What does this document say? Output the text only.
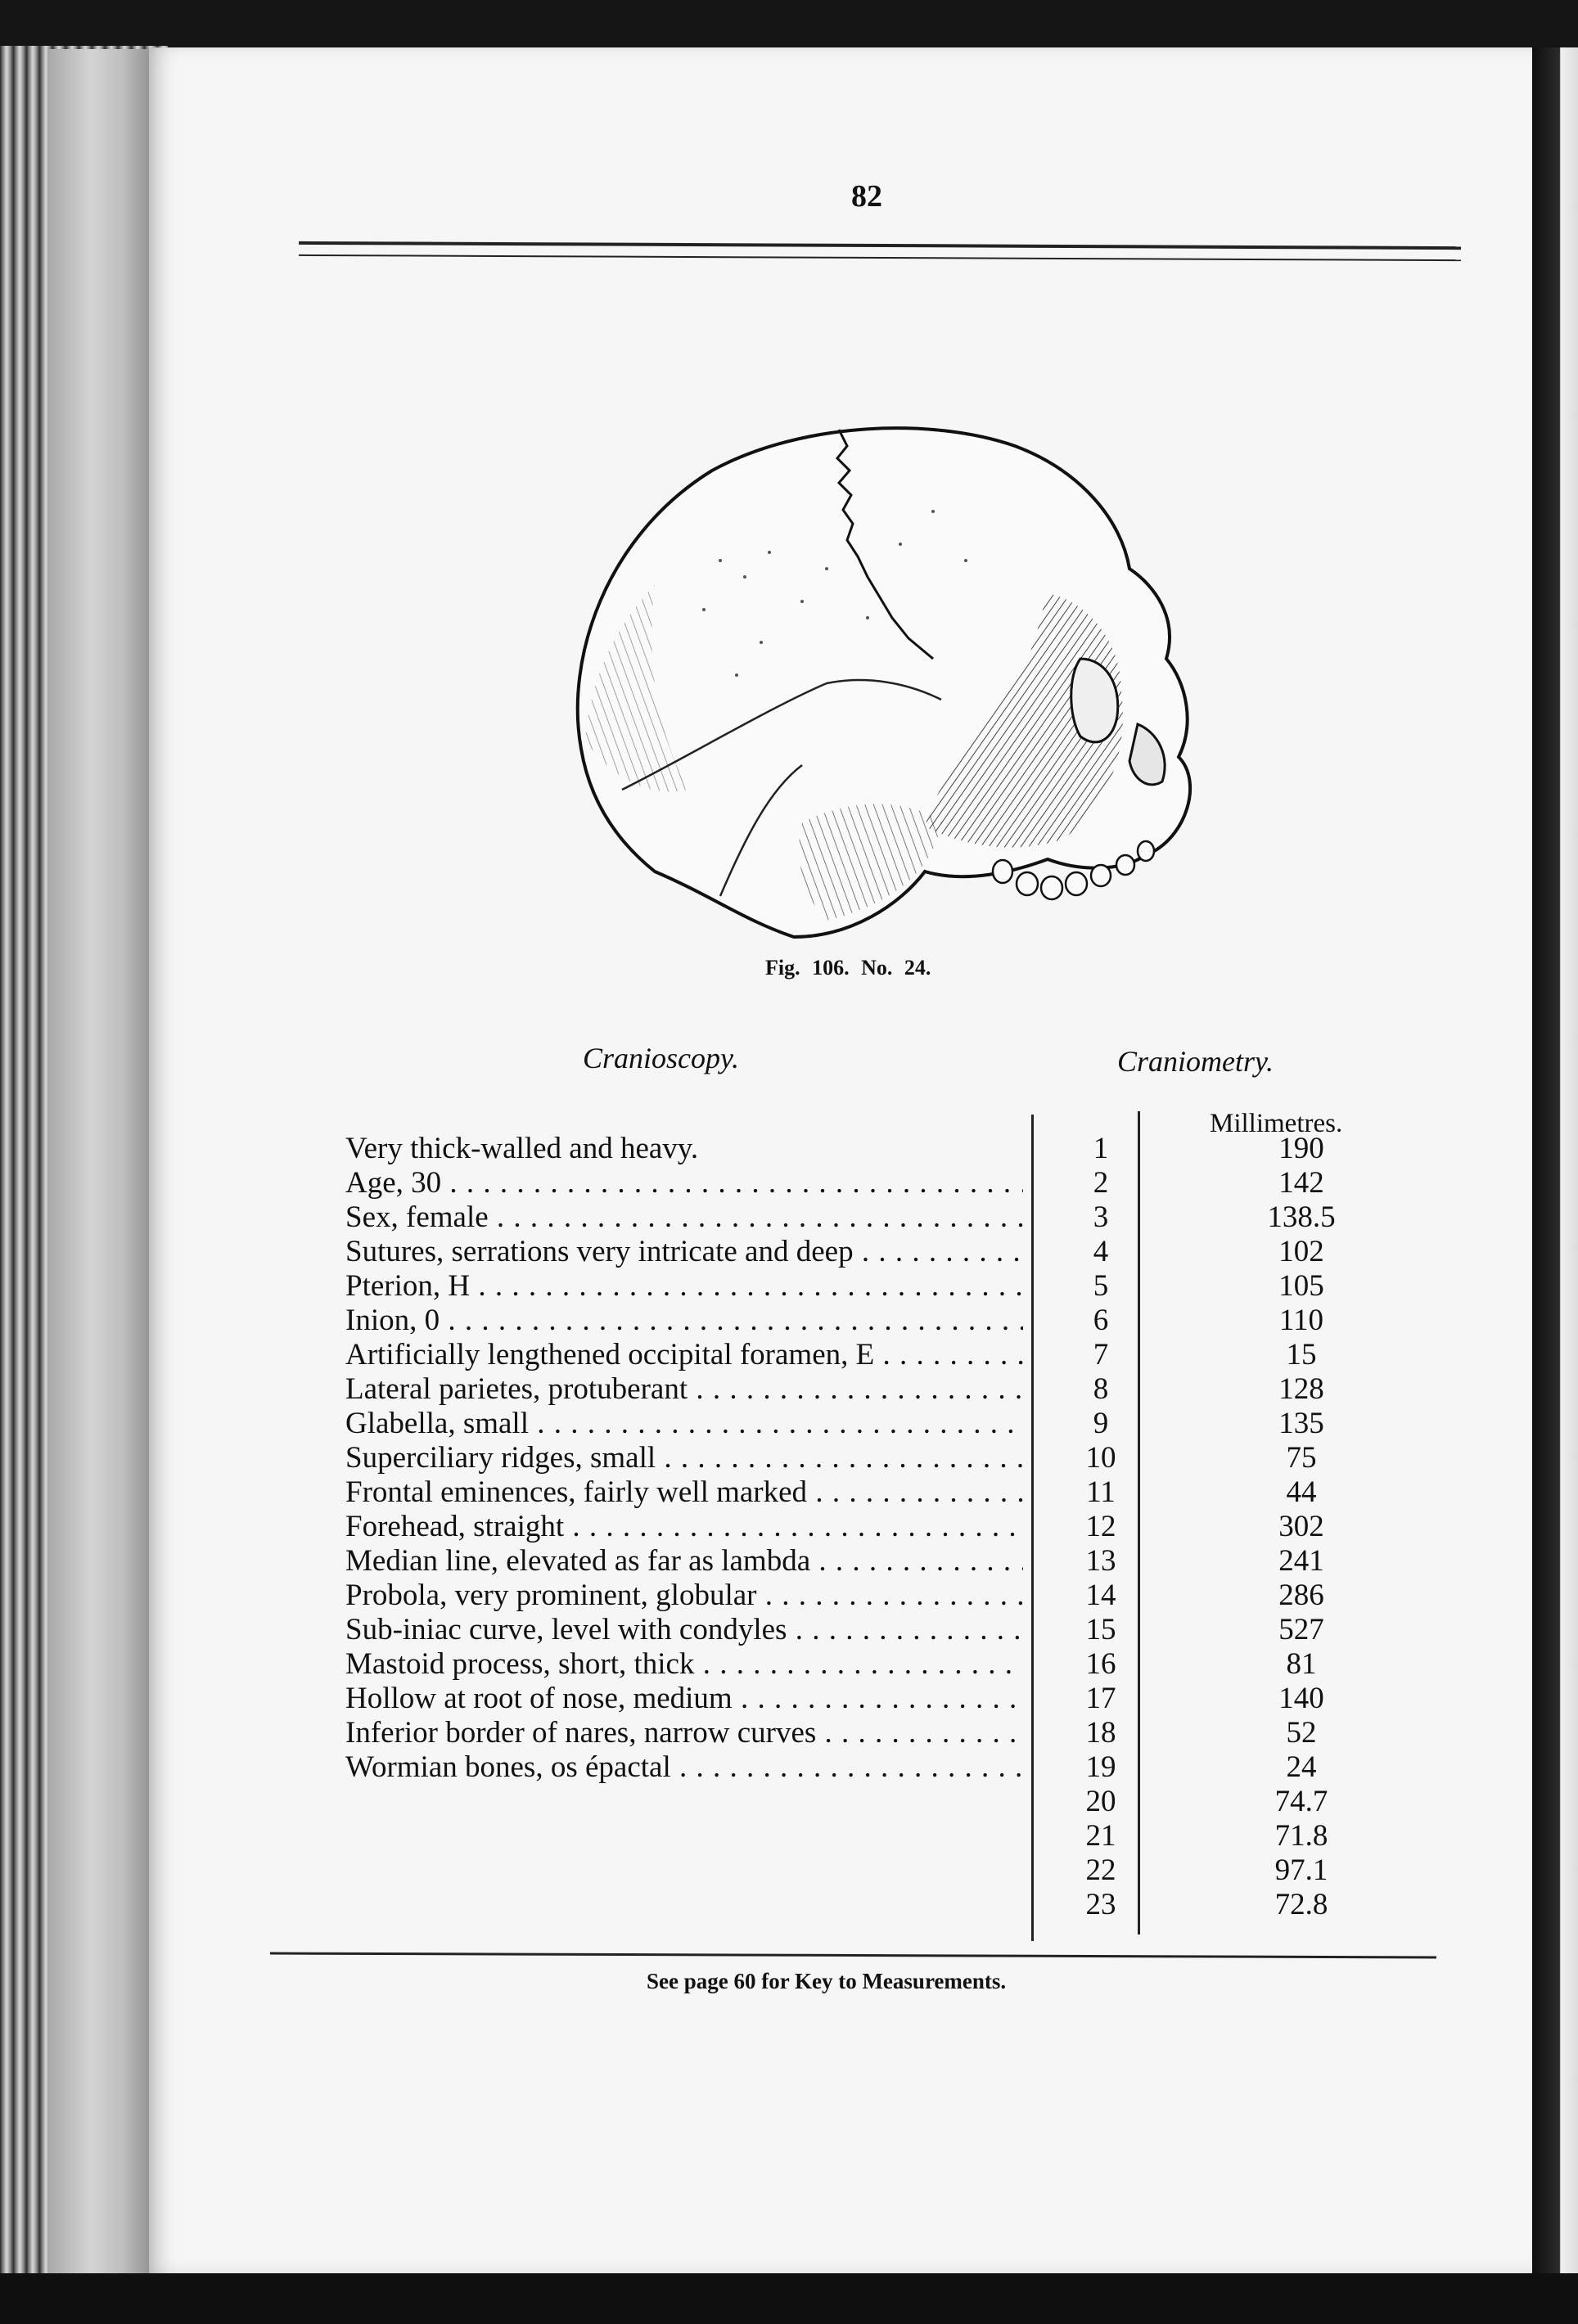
82
Fig. 106. No. 24.
Cranioscopy.	Craniometry.
Millimetres.
Very thick-walled and heavy.	1	190
Age, 30 . . .	2	142
Sex, female . . .	3	138.5
Sutures, serrations very intricate and deep . . .	4	102
Pterion, H . . .	5	105
Inion, 0 . . .	6	110
Artificially lengthened occipital foramen, E . . .	7	15
Lateral parietes, protuberant . . .	8	128
Glabella, small . . .	9	135
Superciliary ridges, small . . .	10	75
Frontal eminences, fairly well marked . . .	11	44
Forehead, straight . . .	12	302
Median line, elevated as far as lambda . . .	13	241
Probola, very prominent, globular . . .	14	286
Sub-iniac curve, level with condyles . . .	15	527
Mastoid process, short, thick . . .	16	81
Hollow at root of nose, medium . . .	17	140
Inferior border of nares, narrow curves . . .	18	52
Wormian bones, os épactal . . .	19	24
20	74.7
21	71.8
22	97.1
23	72.8
See page 60 for Key to Measurements.
